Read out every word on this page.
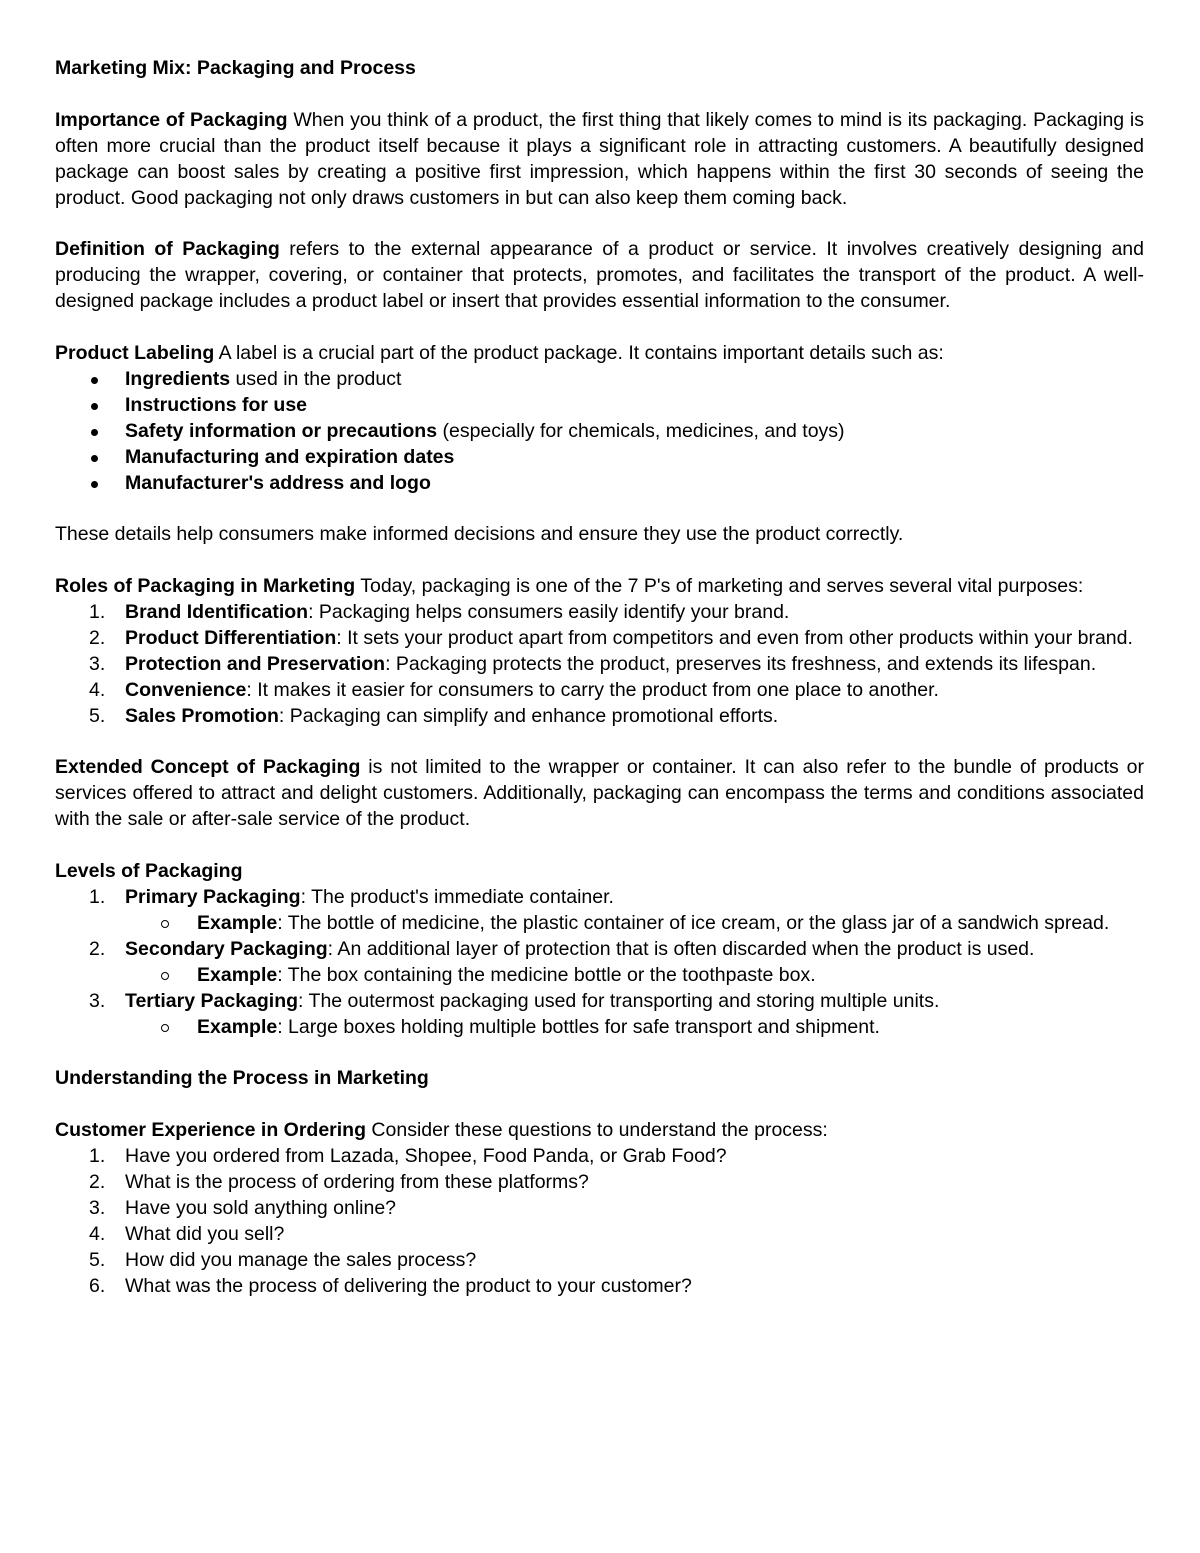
Marketing Mix: Packaging and Process

Importance of Packaging When you think of a product, the first thing that likely comes to mind is its packaging. Packaging is often more crucial than the product itself because it plays a significant role in attracting customers. A beautifully designed package can boost sales by creating a positive first impression, which happens within the first 30 seconds of seeing the product. Good packaging not only draws customers in but can also keep them coming back.

Definition of Packaging refers to the external appearance of a product or service. It involves creatively designing and producing the wrapper, covering, or container that protects, promotes, and facilitates the transport of the product. A well-designed package includes a product label or insert that provides essential information to the consumer.

Product Labeling A label is a crucial part of the product package. It contains important details such as:

Ingredients used in the product
Instructions for use
Safety information or precautions (especially for chemicals, medicines, and toys)
Manufacturing and expiration dates
Manufacturer's address and logo

These details help consumers make informed decisions and ensure they use the product correctly.

Roles of Packaging in Marketing Today, packaging is one of the 7 P's of marketing and serves several vital purposes:

1. Brand Identification: Packaging helps consumers easily identify your brand.
2. Product Differentiation: It sets your product apart from competitors and even from other products within your brand.
3. Protection and Preservation: Packaging protects the product, preserves its freshness, and extends its lifespan.
4. Convenience: It makes it easier for consumers to carry the product from one place to another.
5. Sales Promotion: Packaging can simplify and enhance promotional efforts.

Extended Concept of Packaging is not limited to the wrapper or container. It can also refer to the bundle of products or services offered to attract and delight customers. Additionally, packaging can encompass the terms and conditions associated with the sale or after-sale service of the product.

Levels of Packaging

1. Primary Packaging: The product's immediate container.
Example: The bottle of medicine, the plastic container of ice cream, or the glass jar of a sandwich spread.
2. Secondary Packaging: An additional layer of protection that is often discarded when the product is used.
Example: The box containing the medicine bottle or the toothpaste box.
3. Tertiary Packaging: The outermost packaging used for transporting and storing multiple units.
Example: Large boxes holding multiple bottles for safe transport and shipment.

Understanding the Process in Marketing

Customer Experience in Ordering Consider these questions to understand the process:

1. Have you ordered from Lazada, Shopee, Food Panda, or Grab Food?
2. What is the process of ordering from these platforms?
3. Have you sold anything online?
4. What did you sell?
5. How did you manage the sales process?
6. What was the process of delivering the product to your customer?
